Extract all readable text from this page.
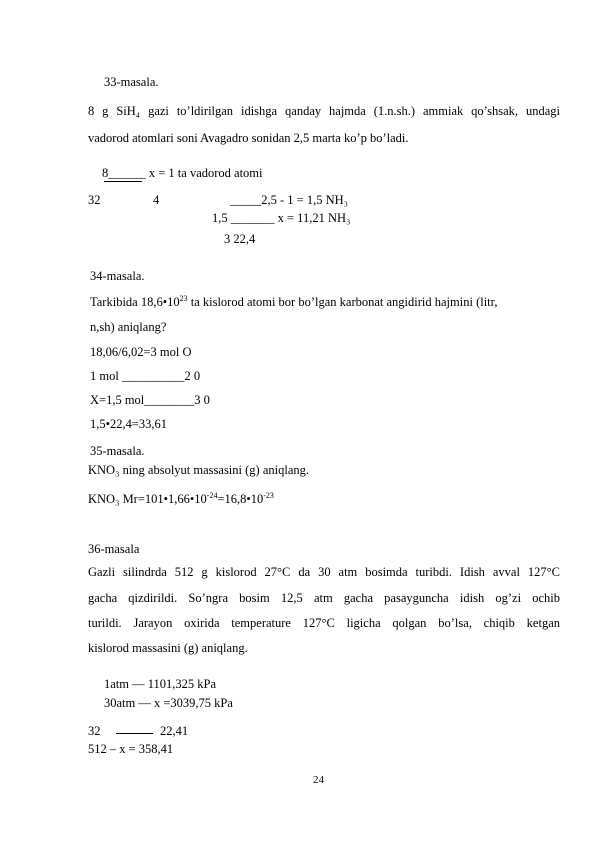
33-masala.
8 g SiH₄ gazi to’ldirilgan idishga qanday hajmda (1.n.sh.) ammiak qo’shsak, undagi
vadorod atomlari soni Avagadro sonidan 2,5 marta ko’p bo’ladi.
8______ x = 1 ta vadorod atomi
32	4	_____2,5 - 1 = 1,5 NH₃
1,5 _______ x = 11,21 NH₃
3 22,4
34-masala.
Tarkibida $18,6•10^{23}$ ta kislorod atomi bor bo’lgan karbonat angidirid hajmini (litr,
n,sh) aniqlang?
18,06/6,02=3 mol O
1 mol __________2 0
X=1,5 mol________3 0
1,5•22,4=33,61
35-masala.
KNO₃ ning absolyut massasini (g) aniqlang.
KNO₃ $Mr=101•1,66•10^{-24}=16,8•10^{-23}$
36-masala
Gazli silindrda 512 g kislorod 27°C da 30 atm bosimda turibdi. Idish avval 127°C
gacha qizdirildi. So’ngra bosim 12,5 atm gacha pasayguncha idish og’zi ochib
turildi. Jarayon oxirida temperature 127°C ligicha qolgan bo’lsa, chiqib ketgan
kislorod massasini (g) aniqlang.
1atm — 1101,325 kPa
30atm — x =3039,75 kPa
32	22,41
512 – x = 358,41
24
